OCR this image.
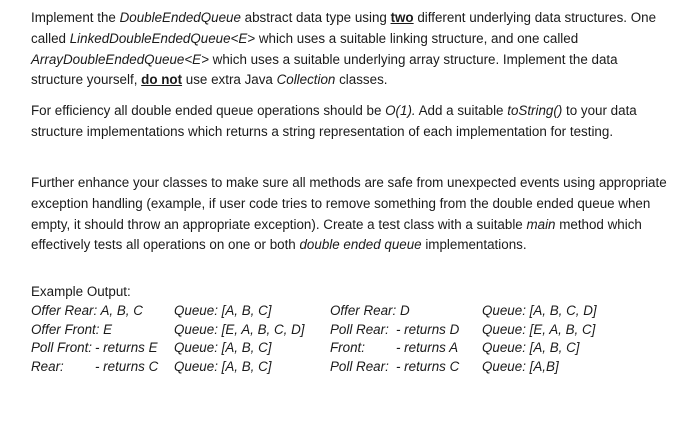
Implement the DoubleEndedQueue abstract data type using two different underlying data structures. One called LinkedDoubleEndedQueue<E> which uses a suitable linking structure, and one called ArrayDoubleEndedQueue<E> which uses a suitable underlying array structure. Implement the data structure yourself, do not use extra Java Collection classes.

For efficiency all double ended queue operations should be O(1). Add a suitable toString() to your data structure implementations which returns a string representation of each implementation for testing.

Further enhance your classes to make sure all methods are safe from unexpected events using appropriate exception handling (example, if user code tries to remove something from the double ended queue when empty, it should throw an appropriate exception). Create a test class with a suitable main method which effectively tests all operations on one or both double ended queue implementations.

Example Output:

Offer Rear: A, B, C Queue: [A, B, C]	Offer Rear: D	Queue: [A, B, C, D]
Offer Front: E	Queue: [E, A, B, C, D] Poll Rear: - returns D Queue: [E, A, B, C]
Poll Front: - returns E Queue: [A, B, C]	Front: - returns A Queue: [A, B, C]
Rear: - returns C Queue: [A, B, C]	Poll Rear: - returns C Queue: [A,B]
